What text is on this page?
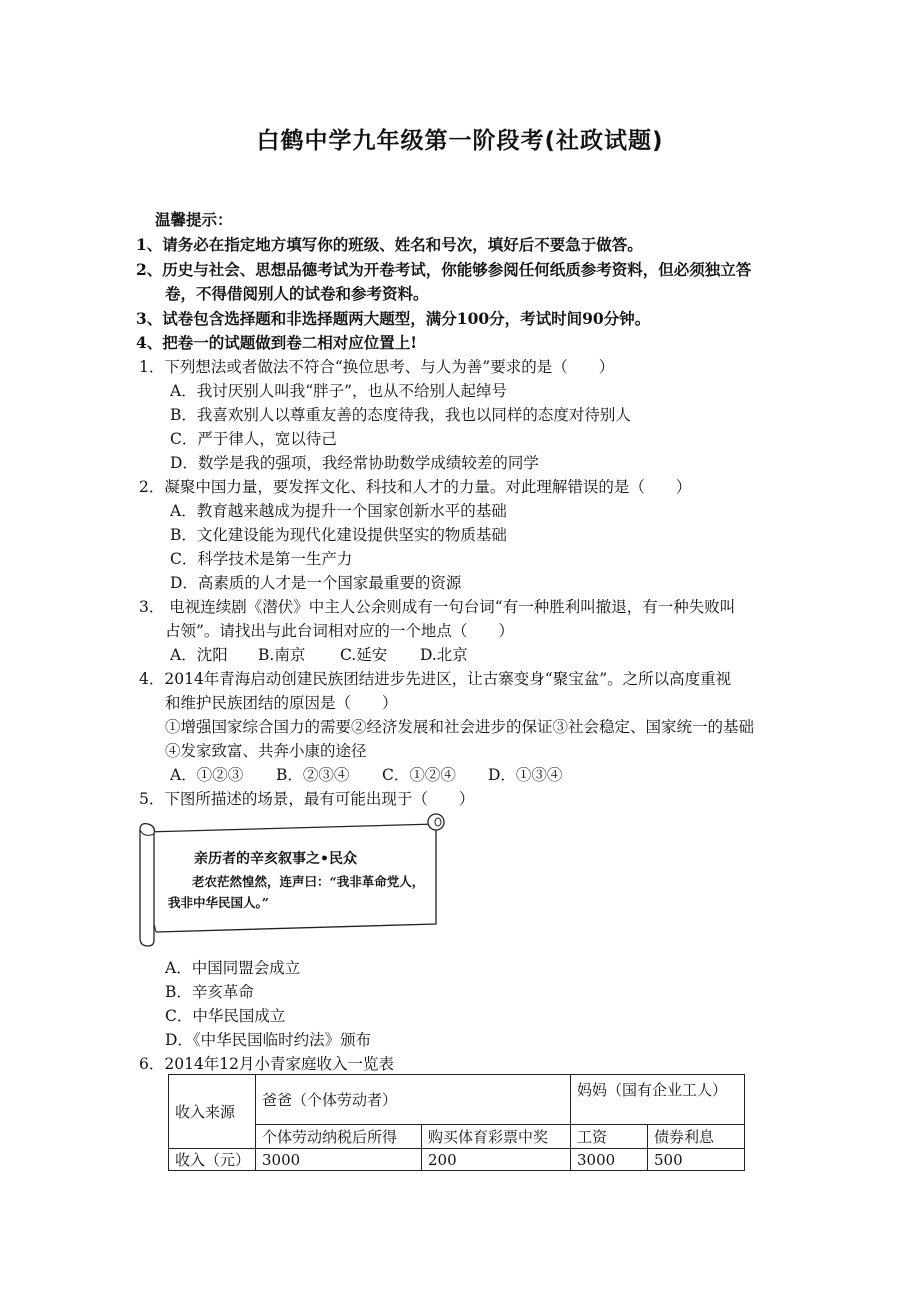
白鹤中学九年级第一阶段考(社政试题)
温馨提示：
1、请务必在指定地方填写你的班级、姓名和号次，填好后不要急于做答。
2、历史与社会、思想品德考试为开卷考试，你能够参阅任何纸质参考资料，但必须独立答
卷，不得借阅别人的试卷和参考资料。
3、试卷包含选择题和非选择题两大题型，满分100分，考试时间90分钟。
4、把卷一的试题做到卷二相对应位置上!
1．下列想法或者做法不符合“换位思考、与人为善”要求的是（　　）
A．我讨厌别人叫我“胖子”，也从不给别人起绰号
B．我喜欢别人以尊重友善的态度待我，我也以同样的态度对待别人
C．严于律人，宽以待己
D．数学是我的强项，我经常协助数学成绩较差的同学
2．凝聚中国力量，要发挥文化、科技和人才的力量。对此理解错误的是（　　）
A．教育越来越成为提升一个国家创新水平的基础
B．文化建设能为现代化建设提供坚实的物质基础
C．科学技术是第一生产力
D．高素质的人才是一个国家最重要的资源
3． 电视连续剧《潜伏》中主人公余则成有一句台词“有一种胜利叫撤退，有一种失败叫
占领”。请找出与此台词相对应的一个地点（　　）
A．沈阳 B.南京 C.延安 D.北京
4．2014年青海启动创建民族团结进步先进区，让古寨变身“聚宝盆”。之所以高度重视
和维护民族团结的原因是（　　）
①增强国家综合国力的需要②经济发展和社会进步的保证③社会稳定、国家统一的基础
④发家致富、共奔小康的途径
A．①②③ B．②③④ C．①②④ D．①③④
5．下图所描述的场景，最有可能出现于（　　）
亲历者的辛亥叙事之•民众
老农茫然惶然，连声曰：“我非革命党人，
我非中华民国人。”
A．中国同盟会成立
B．辛亥革命
C．中华民国成立
D．《中华民国临时约法》颁布
6．2014年12月小青家庭收入一览表
收入来源	爸爸（个体劳动者）		妈妈（国有企业工人）	
	个体劳动纳税后所得	购买体育彩票中奖	工资	债券利息
收入（元）	3000	200	3000	500
